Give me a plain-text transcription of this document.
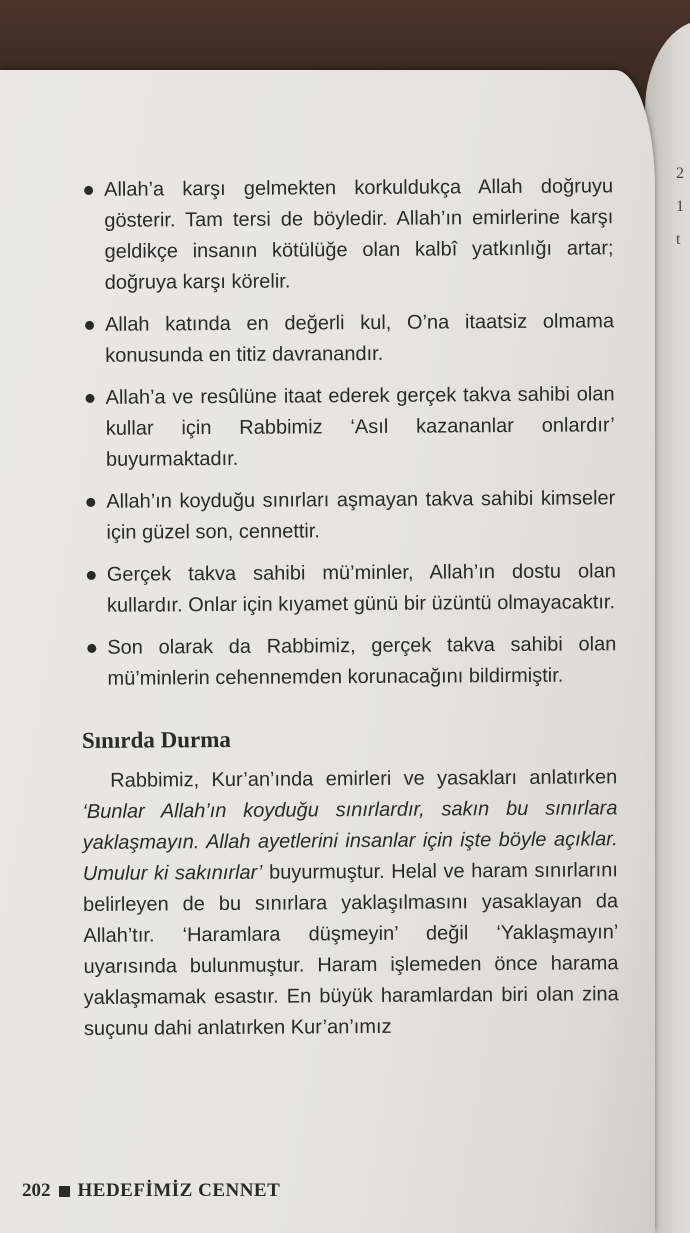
2
1
t
Allah’a karşı gelmekten korkuldukça Allah doğruyu gösterir. Tam tersi de böyledir. Allah’ın emirlerine karşı geldikçe insanın kötülüğe olan kalbî yatkınlığı artar; doğruya karşı körelir.
Allah katında en değerli kul, O’na itaatsiz olmama konusunda en titiz davranandır.
Allah’a ve resûlüne itaat ederek gerçek takva sahibi olan kullar için Rabbimiz ‘Asıl kazananlar onlardır’ buyurmaktadır.
Allah’ın koyduğu sınırları aşmayan takva sahibi kimseler için güzel son, cennettir.
Gerçek takva sahibi mü’minler, Allah’ın dostu olan kullardır. Onlar için kıyamet günü bir üzüntü olmayacaktır.
Son olarak da Rabbimiz, gerçek takva sahibi olan mü’minlerin cehennemden korunacağını bildirmiştir.
Sınırda Durma

Rabbimiz, Kur’an’ında emirleri ve yasakları anlatırken ‘Bunlar Allah’ın koyduğu sınırlardır, sakın bu sınırlara yaklaşmayın. Allah ayetlerini insanlar için işte böyle açıklar. Umulur ki sakınırlar’ buyurmuştur. Helal ve haram sınırlarını belirleyen de bu sınırlara yaklaşılmasını yasaklayan da Allah’tır. ‘Haramlara düşmeyin’ değil ‘Yaklaşmayın’ uyarısında bulunmuştur. Haram işlemeden önce harama yaklaşmamak esastır. En büyük haramlardan biri olan zina suçunu dahi anlatırken Kur’an’ımız

202 HEDEFİMİZ CENNET
